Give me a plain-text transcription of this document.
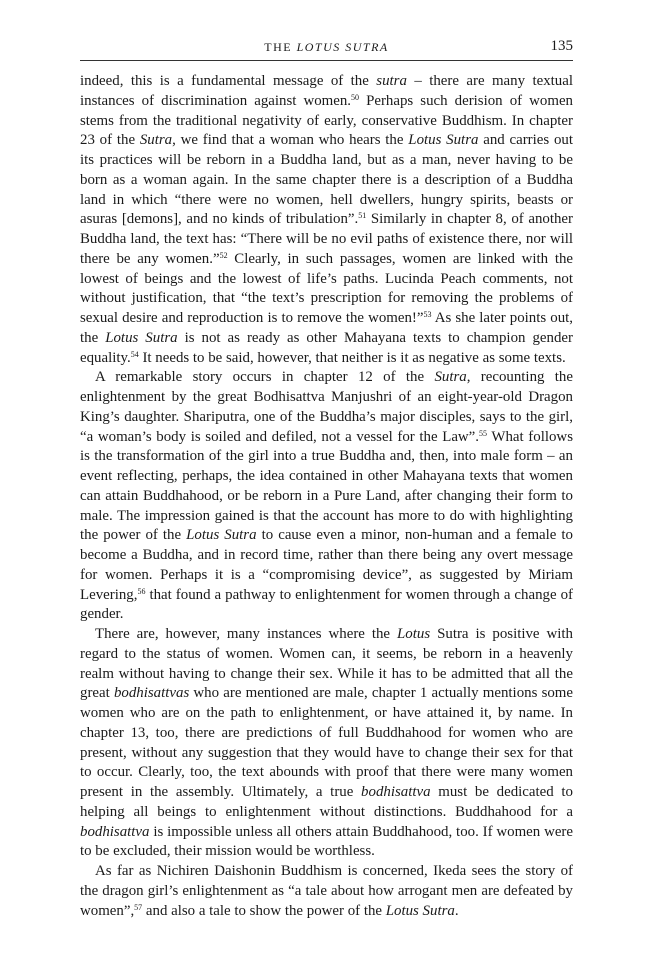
THE LOTUS SUTRA	135

indeed, this is a fundamental message of the sutra – there are many textual instances of discrimination against women.$^{50}$ Perhaps such derision of women stems from the traditional negativity of early, conservative Buddhism. In chapter 23 of the Sutra, we find that a woman who hears the Lotus Sutra and carries out its practices will be reborn in a Buddha land, but as a man, never having to be born as a woman again. In the same chapter there is a description of a Buddha land in which “there were no women, hell dwellers, hungry spirits, beasts or asuras [demons], and no kinds of tribulation”.$^{51}$ Similarly in chapter 8, of another Buddha land, the text has: “There will be no evil paths of existence there, nor will there be any women.”$^{52}$ Clearly, in such passages, women are linked with the lowest of beings and the lowest of life’s paths. Lucinda Peach comments, not without justification, that “the text’s prescription for removing the problems of sexual desire and reproduction is to remove the women!”$^{53}$ As she later points out, the Lotus Sutra is not as ready as other Mahayana texts to champion gender equality.$^{54}$ It needs to be said, however, that neither is it as negative as some texts.

A remarkable story occurs in chapter 12 of the Sutra, recounting the enlightenment by the great Bodhisattva Manjushri of an eight-year-old Dragon King’s daughter. Shariputra, one of the Buddha’s major disciples, says to the girl, “a woman’s body is soiled and defiled, not a vessel for the Law”.$^{55}$ What follows is the transformation of the girl into a true Buddha and, then, into male form – an event reflecting, perhaps, the idea contained in other Mahayana texts that women can attain Buddhahood, or be reborn in a Pure Land, after changing their form to male. The impression gained is that the account has more to do with highlighting the power of the Lotus Sutra to cause even a minor, non-human and a female to become a Buddha, and in record time, rather than there being any overt message for women. Perhaps it is a “compromising device”, as suggested by Miriam Levering,$^{56}$ that found a pathway to enlightenment for women through a change of gender.

There are, however, many instances where the Lotus Sutra is positive with regard to the status of women. Women can, it seems, be reborn in a heavenly realm without having to change their sex. While it has to be admitted that all the great bodhisattvas who are mentioned are male, chapter 1 actually mentions some women who are on the path to enlightenment, or have attained it, by name. In chapter 13, too, there are predictions of full Buddhahood for women who are present, without any suggestion that they would have to change their sex for that to occur. Clearly, too, the text abounds with proof that there were many women present in the assembly. Ultimately, a true bodhisattva must be dedicated to helping all beings to enlightenment without distinctions. Buddhahood for a bodhisattva is impossible unless all others attain Buddhahood, too. If women were to be excluded, their mission would be worthless.

As far as Nichiren Daishonin Buddhism is concerned, Ikeda sees the story of the dragon girl’s enlightenment as “a tale about how arrogant men are defeated by women”,$^{57}$ and also a tale to show the power of the Lotus Sutra.
